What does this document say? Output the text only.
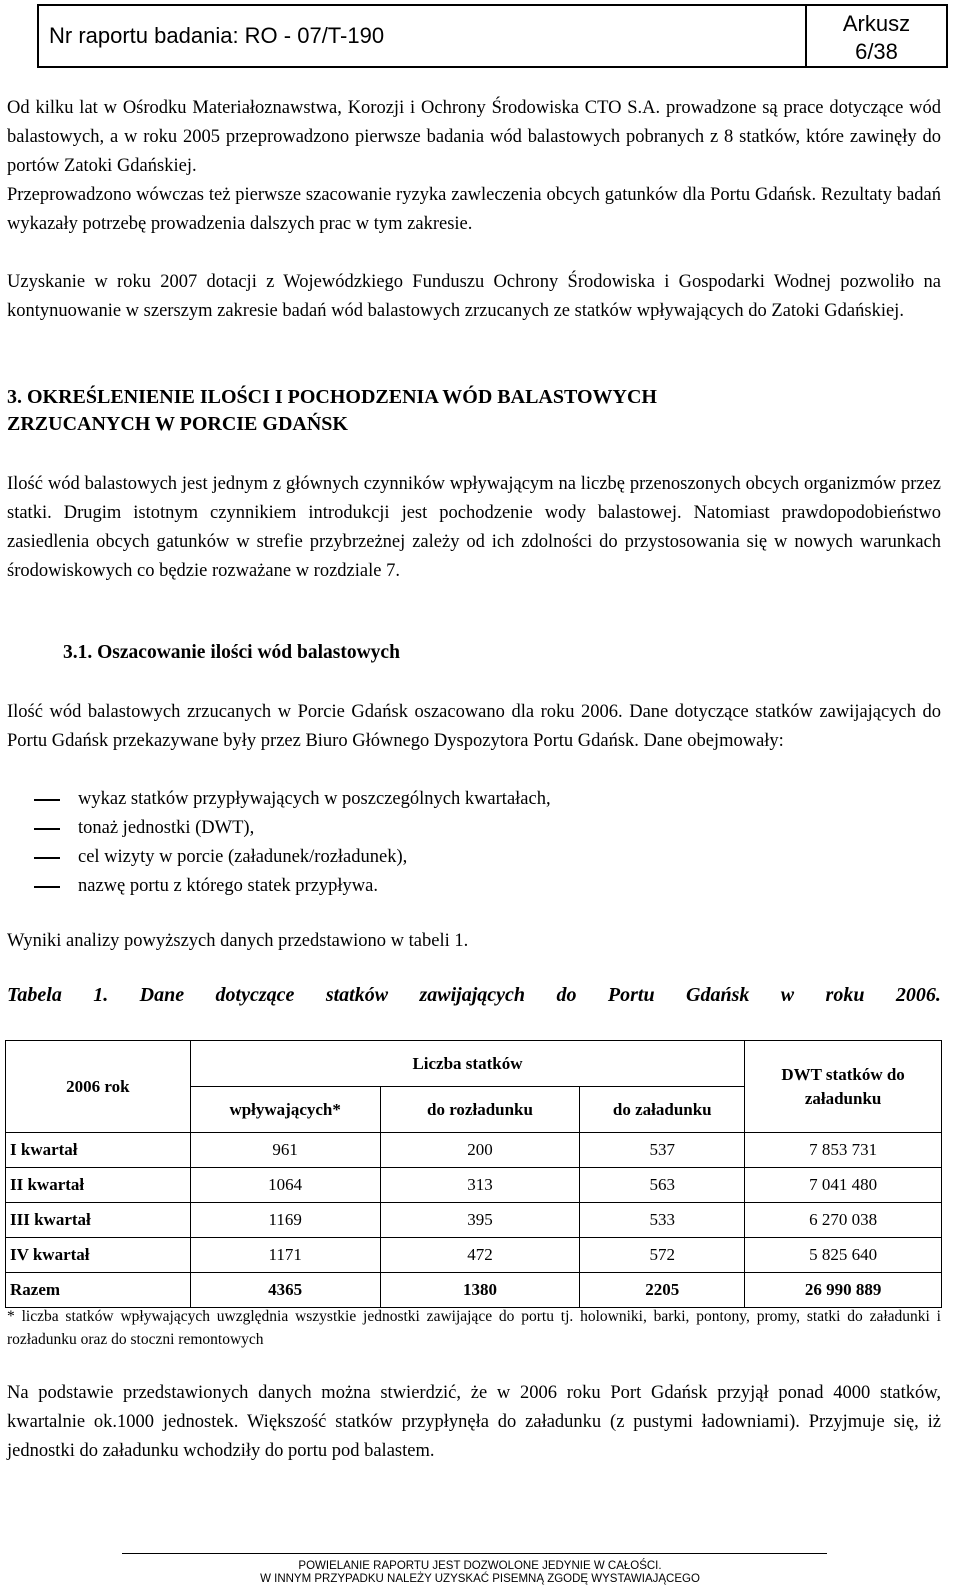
Nr raportu badania: RO - 07/T-190	Arkusz
6/38

Od kilku lat w Ośrodku Materiałoznawstwa, Korozji i Ochrony Środowiska CTO S.A. prowadzone są prace dotyczące wód balastowych, a w roku 2005 przeprowadzono pierwsze badania wód balastowych pobranych z 8 statków, które zawinęły do portów Zatoki Gdańskiej.

Przeprowadzono wówczas też pierwsze szacowanie ryzyka zawleczenia obcych gatunków dla Portu Gdańsk. Rezultaty badań wykazały potrzebę prowadzenia dalszych prac w tym zakresie.

Uzyskanie w roku 2007 dotacji z Wojewódzkiego Funduszu Ochrony Środowiska i Gospodarki Wodnej pozwoliło na kontynuowanie w szerszym zakresie badań wód balastowych zrzucanych ze statków wpływających do Zatoki Gdańskiej.

3. OKREŚLENIENIE ILOŚCI I POCHODZENIA WÓD BALASTOWYCH
ZRZUCANYCH W PORCIE GDAŃSK

Ilość wód balastowych jest jednym z głównych czynników wpływającym na liczbę przenoszonych obcych organizmów przez statki. Drugim istotnym czynnikiem introdukcji jest pochodzenie wody balastowej. Natomiast prawdopodobieństwo zasiedlenia obcych gatunków w strefie przybrzeżnej zależy od ich zdolności do przystosowania się w nowych warunkach środowiskowych co będzie rozważane w rozdziale 7.

3.1. Oszacowanie ilości wód balastowych

Ilość wód balastowych zrzucanych w Porcie Gdańsk oszacowano dla roku 2006. Dane dotyczące statków zawijających do Portu Gdańsk przekazywane były przez Biuro Głównego Dyspozytora Portu Gdańsk. Dane obejmowały:

wykaz statków przypływających w poszczególnych kwartałach,
tonaż jednostki (DWT),
cel wizyty w porcie (załadunek/rozładunek),
nazwę portu z którego statek przypływa.

Wyniki analizy powyższych danych przedstawiono w tabeli 1.

Tabela 1. Dane dotyczące statków zawijających do Portu Gdańsk w roku 2006.
2006 rok	Liczba statków			DWT statków do załadunku
	wpływających*	do rozładunku	do załadunku	
I kwartał	961	200	537	7 853 731
II kwartał	1064	313	563	7 041 480
III kwartał	1169	395	533	6 270 038
IV kwartał	1171	472	572	5 825 640
Razem	4365	1380	2205	26 990 889

* liczba statków wpływających uwzględnia wszystkie jednostki zawijające do portu tj. holowniki, barki, pontony, promy, statki do załadunki i rozładunku oraz do stoczni remontowych

Na podstawie przedstawionych danych można stwierdzić, że w 2006 roku Port Gdańsk przyjął ponad 4000 statków, kwartalnie ok.1000 jednostek. Większość statków przypłynęła do załadunku (z pustymi ładowniami). Przyjmuje się, iż jednostki do załadunku wchodziły do portu pod balastem.

POWIELANIE RAPORTU JEST DOZWOLONE JEDYNIE W CAŁOŚCI.
W INNYM PRZYPADKU NALEŻY UZYSKAĆ PISEMNĄ ZGODĘ WYSTAWIAJĄCEGO
